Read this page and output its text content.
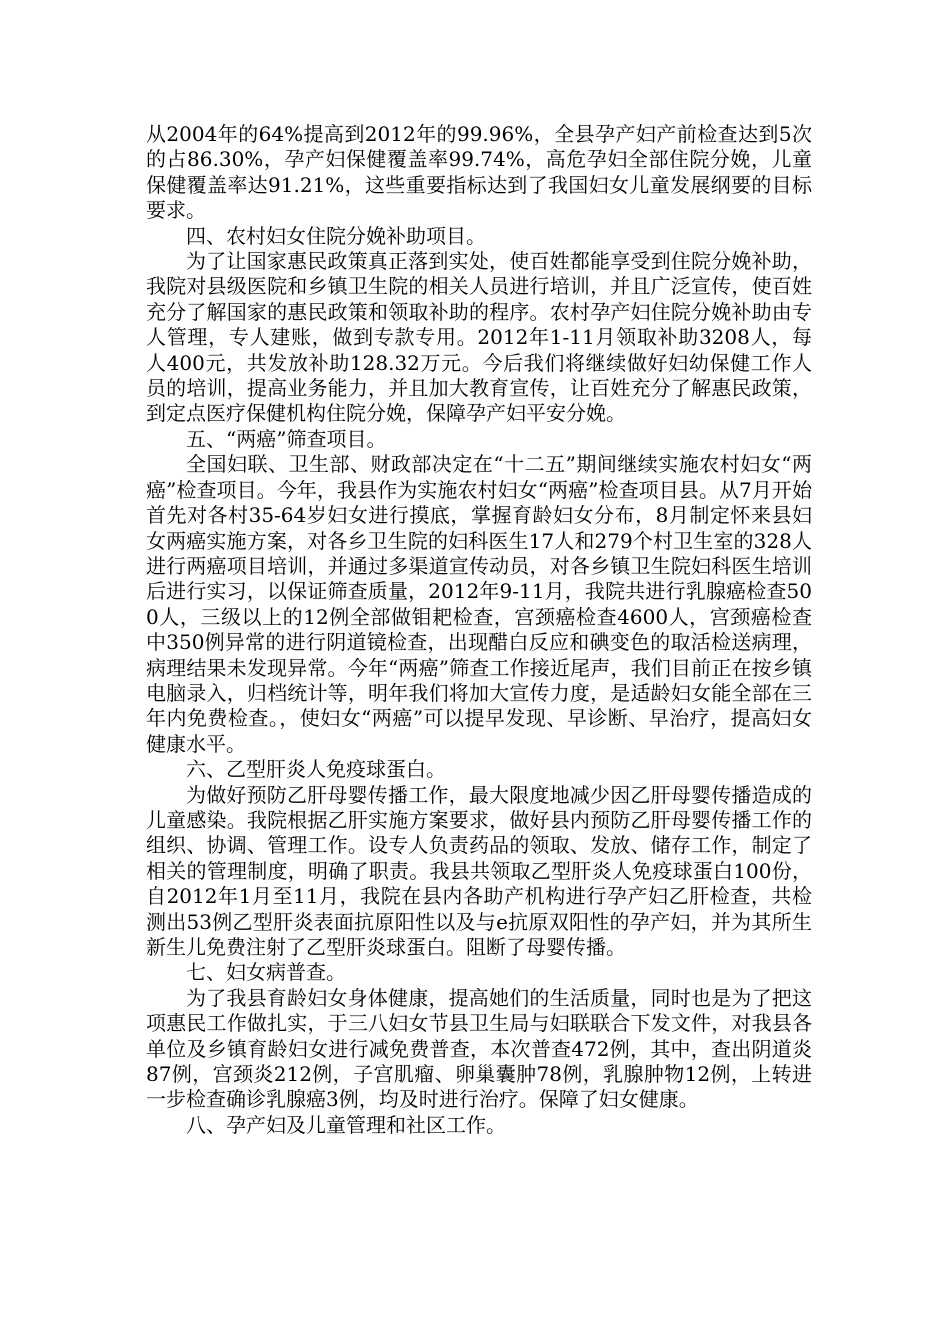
从2004年的64%提高到2012年的99.96%，全县孕产妇产前检查达到5次的占86.30%，孕产妇保健覆盖率99.74%，高危孕妇全部住院分娩，儿童保健覆盖率达91.21%，这些重要指标达到了我国妇女儿童发展纲要的目标要求。

四、农村妇女住院分娩补助项目。

为了让国家惠民政策真正落到实处，使百姓都能享受到住院分娩补助，我院对县级医院和乡镇卫生院的相关人员进行培训，并且广泛宣传，使百姓充分了解国家的惠民政策和领取补助的程序。农村孕产妇住院分娩补助由专人管理，专人建账，做到专款专用。2012年1-11月领取补助3208人，每人400元，共发放补助128.32万元。今后我们将继续做好妇幼保健工作人员的培训，提高业务能力，并且加大教育宣传，让百姓充分了解惠民政策，到定点医疗保健机构住院分娩，保障孕产妇平安分娩。

五、“两癌”筛查项目。

全国妇联、卫生部、财政部决定在“十二五”期间继续实施农村妇女“两癌”检查项目。今年，我县作为实施农村妇女“两癌”检查项目县。从7月开始首先对各村35-64岁妇女进行摸底，掌握育龄妇女分布，8月制定怀来县妇女两癌实施方案，对各乡卫生院的妇科医生17人和279个村卫生室的328人进行两癌项目培训，并通过多渠道宣传动员，对各乡镇卫生院妇科医生培训后进行实习，以保证筛查质量，2012年9-11月，我院共进行乳腺癌检查500人，三级以上的12例全部做钼耙检查，宫颈癌检查4600人，宫颈癌检查中350例异常的进行阴道镜检查，出现醋白反应和碘变色的取活检送病理，病理结果未发现异常。今年“两癌”筛查工作接近尾声，我们目前正在按乡镇电脑录入，归档统计等，明年我们将加大宣传力度，是适龄妇女能全部在三年内免费检查。，使妇女“两癌”可以提早发现、早诊断、早治疗，提高妇女健康水平。

六、乙型肝炎人免疫球蛋白。

为做好预防乙肝母婴传播工作，最大限度地减少因乙肝母婴传播造成的儿童感染。我院根据乙肝实施方案要求，做好县内预防乙肝母婴传播工作的组织、协调、管理工作。设专人负责药品的领取、发放、储存工作，制定了相关的管理制度，明确了职责。我县共领取乙型肝炎人免疫球蛋白100份，自2012年1月至11月，我院在县内各助产机构进行孕产妇乙肝检查，共检测出53例乙型肝炎表面抗原阳性以及与e抗原双阳性的孕产妇，并为其所生新生儿免费注射了乙型肝炎球蛋白。阻断了母婴传播。

七、妇女病普查。

为了我县育龄妇女身体健康，提高她们的生活质量，同时也是为了把这项惠民工作做扎实，于三八妇女节县卫生局与妇联联合下发文件，对我县各单位及乡镇育龄妇女进行减免费普查，本次普查472例，其中，查出阴道炎87例，宫颈炎212例，子宫肌瘤、卵巢囊肿78例，乳腺肿物12例，上转进一步检查确诊乳腺癌3例，均及时进行治疗。保障了妇女健康。

八、孕产妇及儿童管理和社区工作。
